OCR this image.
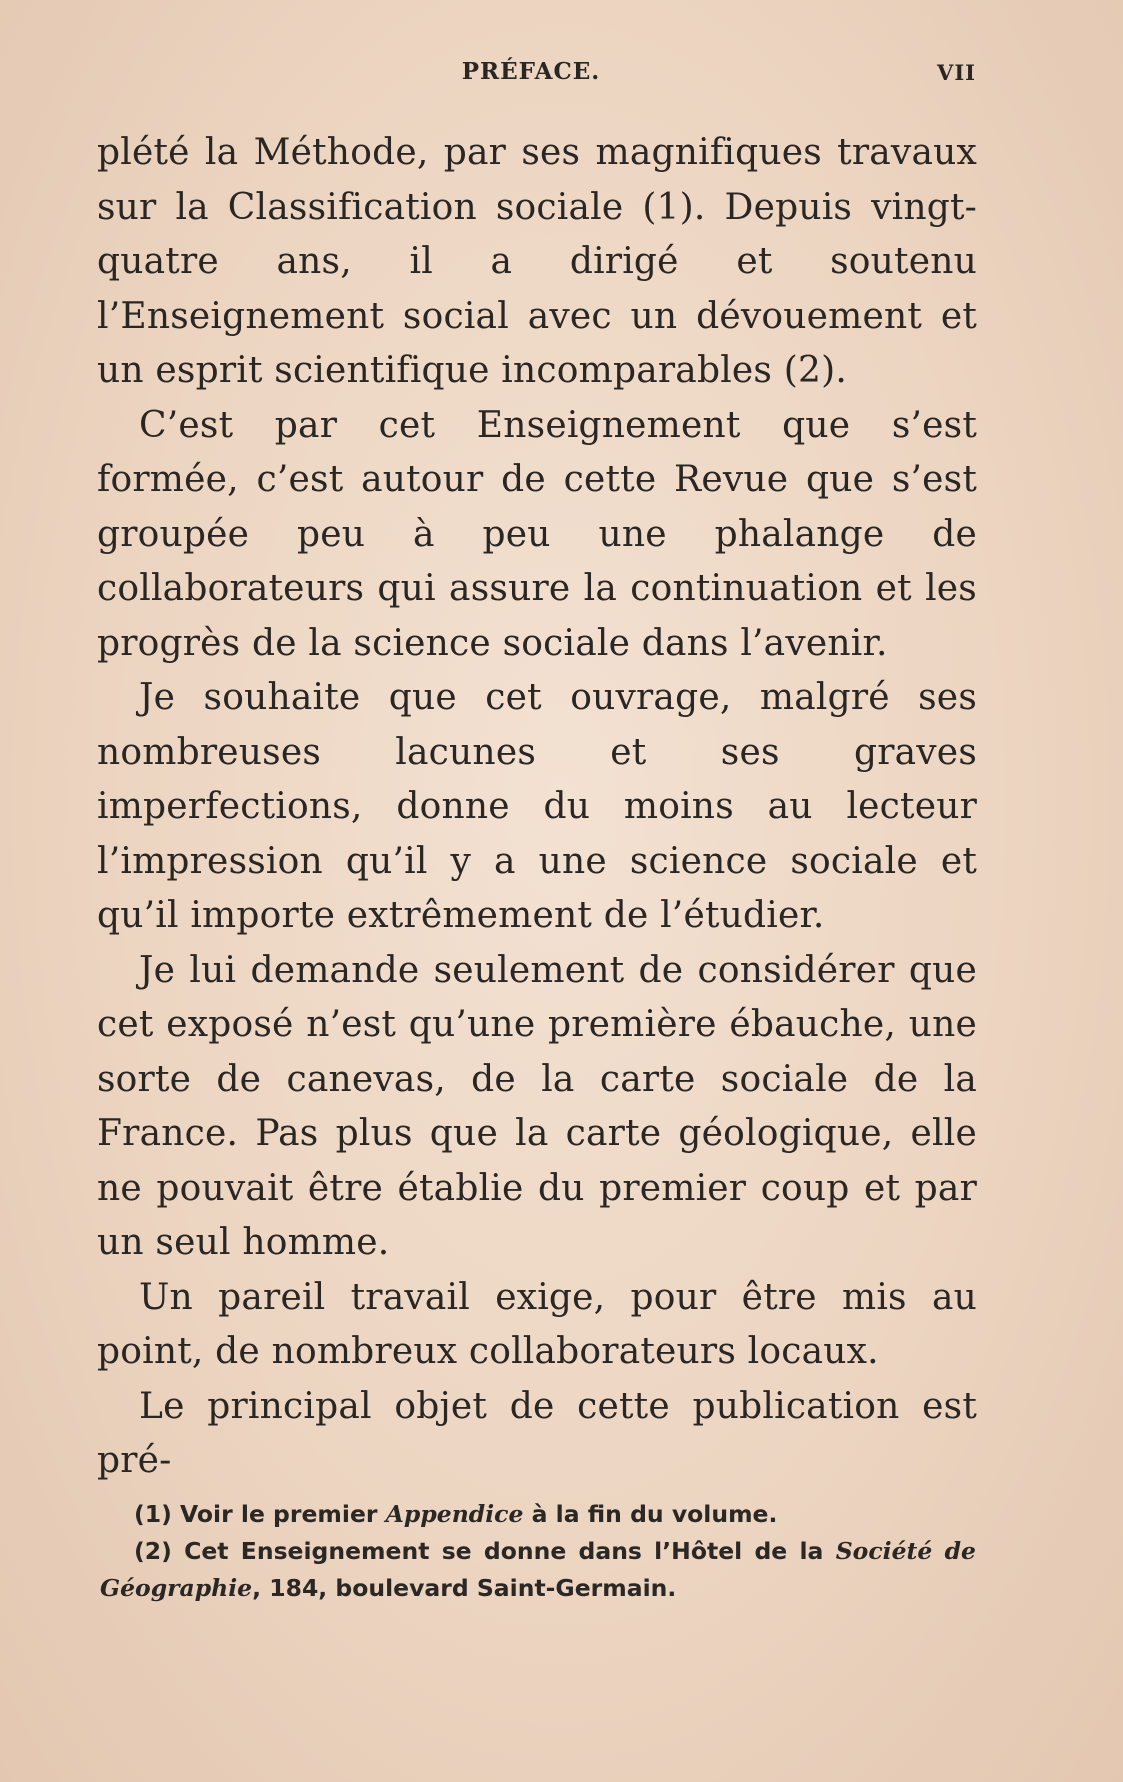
PRÉFACE.	VII

plété la Méthode, par ses magnifiques travaux sur la Classification sociale (1). Depuis vingt-quatre ans, il a dirigé et soutenu l’Enseignement social avec un dévouement et un esprit scientifique incomparables (2).

C’est par cet Enseignement que s’est formée, c’est autour de cette Revue que s’est groupée peu à peu une phalange de collaborateurs qui assure la continuation et les progrès de la science sociale dans l’avenir.

Je souhaite que cet ouvrage, malgré ses nombreuses lacunes et ses graves imperfections, donne du moins au lecteur l’impression qu’il y a une science sociale et qu’il importe extrêmement de l’étudier.

Je lui demande seulement de considérer que cet exposé n’est qu’une première ébauche, une sorte de canevas, de la carte sociale de la France. Pas plus que la carte géologique, elle ne pouvait être établie du premier coup et par un seul homme.

Un pareil travail exige, pour être mis au point, de nombreux collaborateurs locaux.

Le principal objet de cette publication est pré-

(1) Voir le premier Appendice à la fin du volume.

(2) Cet Enseignement se donne dans l’Hôtel de la Société de Géographie, 184, boulevard Saint-Germain.
